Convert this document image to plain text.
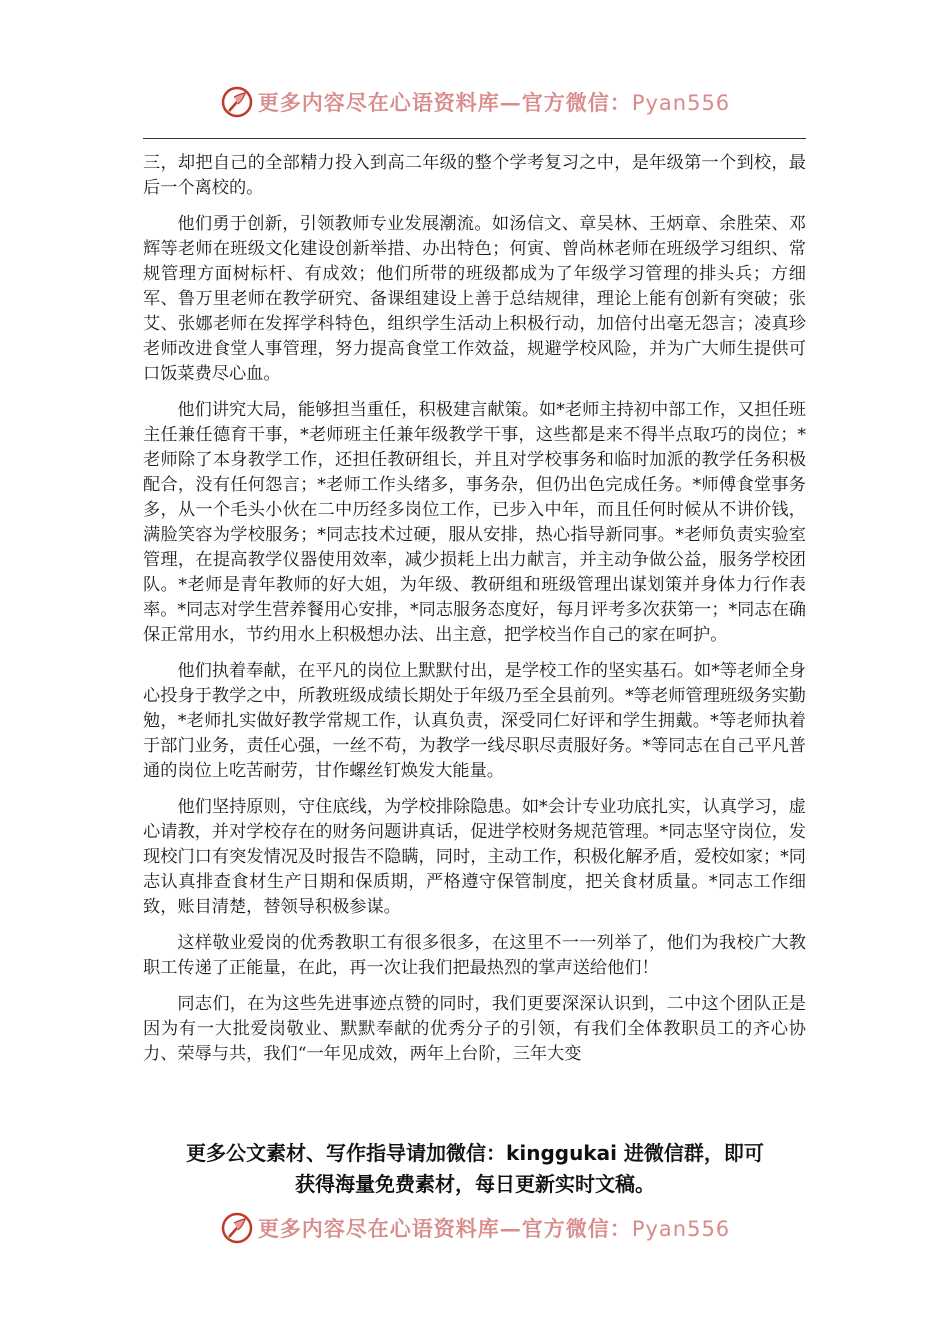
更多内容尽在心语资料库—官方微信：Pyan556

三，却把自己的全部精力投入到高二年级的整个学考复习之中，是年级第一个到校，最后一个离校的。

他们勇于创新，引领教师专业发展潮流。如汤信文、章吴林、王炳章、余胜荣、邓辉等老师在班级文化建设创新举措、办出特色；何寅、曾尚林老师在班级学习组织、常规管理方面树标杆、有成效；他们所带的班级都成为了年级学习管理的排头兵；方细军、鲁万里老师在教学研究、备课组建设上善于总结规律，理论上能有创新有突破；张艾、张娜老师在发挥学科特色，组织学生活动上积极行动，加倍付出毫无怨言；凌真珍老师改进食堂人事管理，努力提高食堂工作效益，规避学校风险，并为广大师生提供可口饭菜费尽心血。

他们讲究大局，能够担当重任，积极建言献策。如*老师主持初中部工作，又担任班主任兼任德育干事，*老师班主任兼年级教学干事，这些都是来不得半点取巧的岗位；*老师除了本身教学工作，还担任教研组长，并且对学校事务和临时加派的教学任务积极配合，没有任何怨言；*老师工作头绪多，事务杂，但仍出色完成任务。*师傅食堂事务多，从一个毛头小伙在二中历经多岗位工作，已步入中年，而且任何时候从不讲价钱，满脸笑容为学校服务；*同志技术过硬，服从安排，热心指导新同事。*老师负责实验室管理，在提高教学仪器使用效率，减少损耗上出力献言，并主动争做公益，服务学校团队。*老师是青年教师的好大姐，为年级、教研组和班级管理出谋划策并身体力行作表率。*同志对学生营养餐用心安排，*同志服务态度好，每月评考多次获第一；*同志在确保正常用水，节约用水上积极想办法、出主意，把学校当作自己的家在呵护。

他们执着奉献，在平凡的岗位上默默付出，是学校工作的坚实基石。如*等老师全身心投身于教学之中，所教班级成绩长期处于年级乃至全县前列。*等老师管理班级务实勤勉，*老师扎实做好教学常规工作，认真负责，深受同仁好评和学生拥戴。*等老师执着于部门业务，责任心强，一丝不苟，为教学一线尽职尽责服好务。*等同志在自己平凡普通的岗位上吃苦耐劳，甘作螺丝钉焕发大能量。

他们坚持原则，守住底线，为学校排除隐患。如*会计专业功底扎实，认真学习，虚心请教，并对学校存在的财务问题讲真话，促进学校财务规范管理。*同志坚守岗位，发现校门口有突发情况及时报告不隐瞒，同时，主动工作，积极化解矛盾，爱校如家；*同志认真排查食材生产日期和保质期，严格遵守保管制度，把关食材质量。*同志工作细致，账目清楚，替领导积极参谋。

这样敬业爱岗的优秀教职工有很多很多，在这里不一一列举了，他们为我校广大教职工传递了正能量，在此，再一次让我们把最热烈的掌声送给他们！

同志们，在为这些先进事迹点赞的同时，我们更要深深认识到，二中这个团队正是因为有一大批爱岗敬业、默默奉献的优秀分子的引领，有我们全体教职员工的齐心协力、荣辱与共，我们“一年见成效，两年上台阶，三年大变

更多公文素材、写作指导请加微信：kinggukai 进微信群，即可
获得海量免费素材，每日更新实时文稿。
更多内容尽在心语资料库—官方微信：Pyan556
